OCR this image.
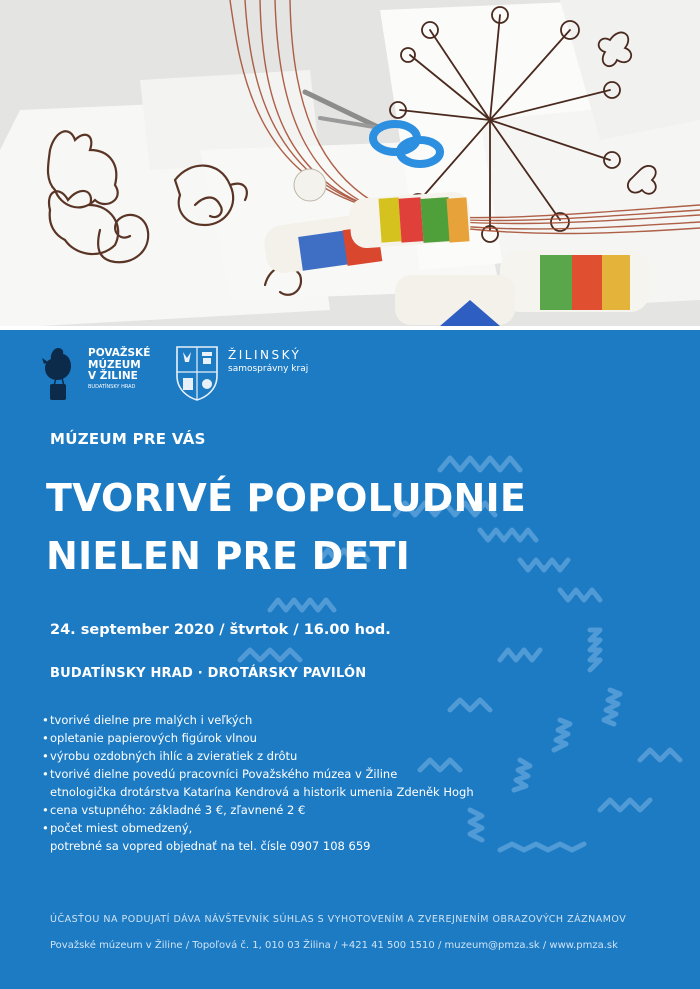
POVAŽSKÉ
MÚZEUM
V ŽILINE
BUDATÍNSKY HRAD
ŽILINSKÝ
samosprávny kraj
MÚZEUM PRE VÁS
TVORIVÉ POPOLUDNIE
NIELEN PRE DETI
24. september 2020 / štvrtok / 16.00 hod.
BUDATÍNSKY HRAD · DROTÁRSKY PAVILÓN
•tvorivé dielne pre malých i veľkých
•opletanie papierových figúrok vlnou
•výrobu ozdobných ihlíc a zvieratiek z drôtu
•tvorivé dielne povedú pracovníci Považského múzea v Žiline
etnologička drotárstva Katarína Kendrová a historik umenia Zdeněk Hogh
•cena vstupného: základné 3 €, zľavnené 2 €
•počet miest obmedzený,
potrebné sa vopred objednať na tel. čísle 0907 108 659
ÚČASŤOU NA PODUJATÍ DÁVA NÁVŠTEVNÍK SÚHLAS S VYHOTOVENÍM A ZVEREJNENÍM OBRAZOVÝCH ZÁZNAMOV
Považské múzeum v Žiline / Topoľová č. 1, 010 03 Žilina / +421 41 500 1510 / muzeum@pmza.sk / www.pmza.sk
